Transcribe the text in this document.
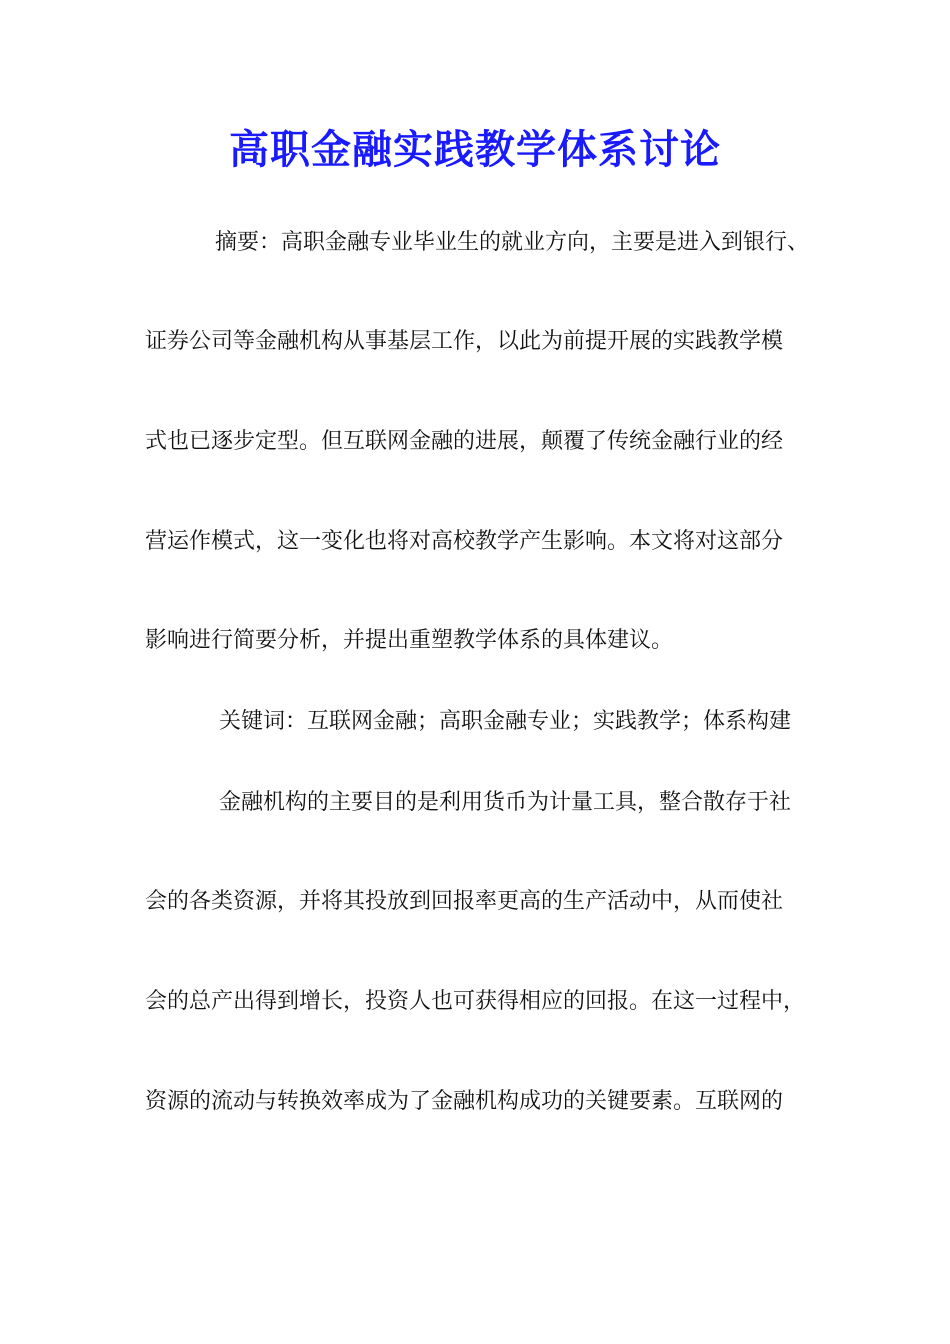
高职金融实践教学体系讨论

摘要：高职金融专业毕业生的就业方向，主要是进入到银行、

证券公司等金融机构从事基层工作，以此为前提开展的实践教学模

式也已逐步定型。但互联网金融的进展，颠覆了传统金融行业的经

营运作模式，这一变化也将对高校教学产生影响。本文将对这部分

影响进行简要分析，并提出重塑教学体系的具体建议。

关键词：互联网金融；高职金融专业；实践教学；体系构建

金融机构的主要目的是利用货币为计量工具，整合散存于社

会的各类资源，并将其投放到回报率更高的生产活动中，从而使社

会的总产出得到增长，投资人也可获得相应的回报。在这一过程中，

资源的流动与转换效率成为了金融机构成功的关键要素。互联网的
